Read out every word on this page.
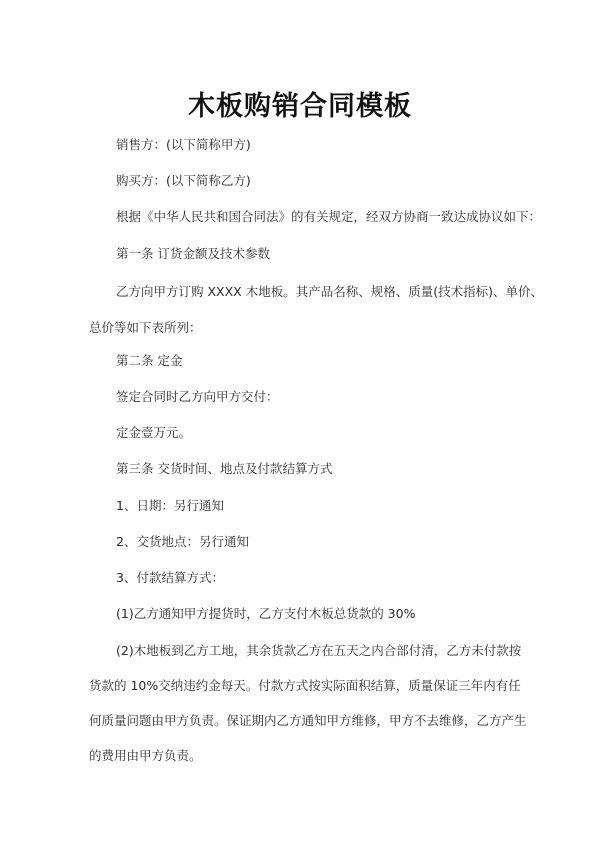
木板购销合同模板
销售方：(以下简称甲方)
购买方：(以下简称乙方)
根据《中华人民共和国合同法》的有关规定，经双方协商一致达成协议如下：
第一条 订货金额及技术参数
乙方向甲方订购 XXXX 木地板。其产品名称、规格、质量(技术指标)、单价、
总价等如下表所列：
第二条 定金
签定合同时乙方向甲方交付：
定金壹万元。
第三条 交货时间、地点及付款结算方式
1、日期：另行通知
2、交货地点：另行通知
3、付款结算方式：
(1)乙方通知甲方提货时，乙方支付木板总货款的 30%
(2)木地板到乙方工地，其余货款乙方在五天之内合部付清，乙方未付款按
货款的 10%交纳违约金每天。付款方式按实际面积结算，质量保证三年内有任
何质量问题由甲方负责。保证期内乙方通知甲方维修，甲方不去维修，乙方产生
的费用由甲方负责。
